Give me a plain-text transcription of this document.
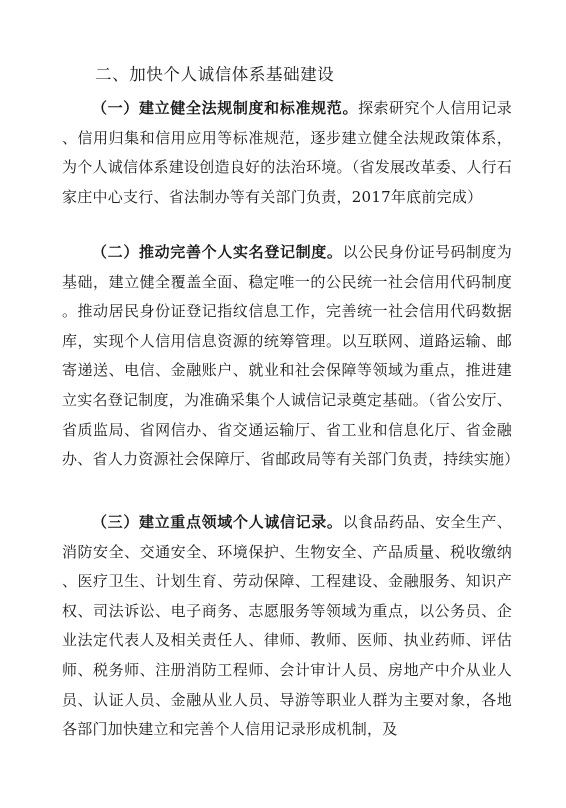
二、加快个人诚信体系基础建设

（一）建立健全法规制度和标准规范。探索研究个人信用记录、信用归集和信用应用等标准规范，逐步建立健全法规政策体系，为个人诚信体系建设创造良好的法治环境。（省发展改革委、人行石家庄中心支行、省法制办等有关部门负责，2017年底前完成）

（二）推动完善个人实名登记制度。以公民身份证号码制度为基础，建立健全覆盖全面、稳定唯一的公民统一社会信用代码制度。推动居民身份证登记指纹信息工作，完善统一社会信用代码数据库，实现个人信用信息资源的统筹管理。以互联网、道路运输、邮寄递送、电信、金融账户、就业和社会保障等领域为重点，推进建立实名登记制度，为准确采集个人诚信记录奠定基础。（省公安厅、省质监局、省网信办、省交通运输厅、省工业和信息化厅、省金融办、省人力资源社会保障厅、省邮政局等有关部门负责，持续实施）

（三）建立重点领域个人诚信记录。以食品药品、安全生产、消防安全、交通安全、环境保护、生物安全、产品质量、税收缴纳、医疗卫生、计划生育、劳动保障、工程建设、金融服务、知识产权、司法诉讼、电子商务、志愿服务等领域为重点，以公务员、企业法定代表人及相关责任人、律师、教师、医师、执业药师、评估师、税务师、注册消防工程师、会计审计人员、房地产中介从业人员、认证人员、金融从业人员、导游等职业人群为主要对象，各地各部门加快建立和完善个人信用记录形成机制，及
